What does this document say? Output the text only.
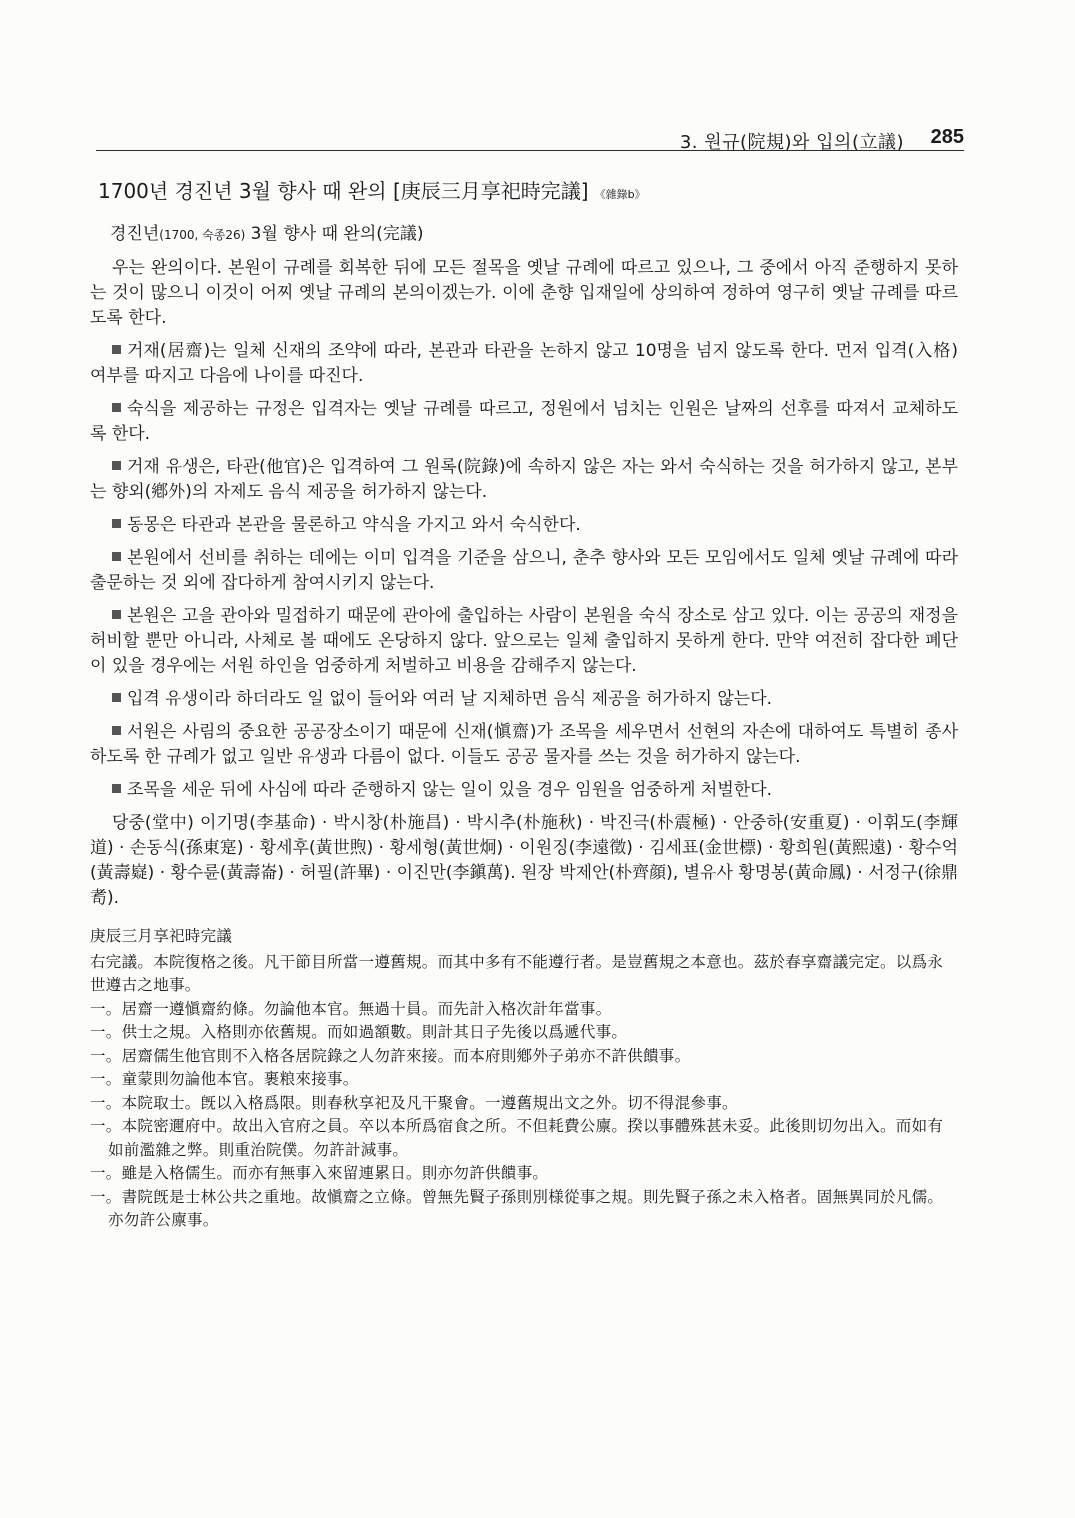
3. 원규(院規)와 입의(立議) 285
1700년 경진년 3월 향사 때 완의 [庚辰三月享祀時完議] 《雜錄b》
경진년(1700, 숙종26) 3월 향사 때 완의(完議)

우는 완의이다. 본원이 규례를 회복한 뒤에 모든 절목을 옛날 규례에 따르고 있으나, 그 중에서 아직 준행하지 못하는 것이 많으니 이것이 어찌 옛날 규례의 본의이겠는가. 이에 춘향 입재일에 상의하여 정하여 영구히 옛날 규례를 따르도록 한다.

거재(居齋)는 일체 신재의 조약에 따라, 본관과 타관을 논하지 않고 10명을 넘지 않도록 한다. 먼저 입격(入格) 여부를 따지고 다음에 나이를 따진다.

숙식을 제공하는 규정은 입격자는 옛날 규례를 따르고, 정원에서 넘치는 인원은 날짜의 선후를 따져서 교체하도록 한다.

거재 유생은, 타관(他官)은 입격하여 그 원록(院錄)에 속하지 않은 자는 와서 숙식하는 것을 허가하지 않고, 본부는 향외(鄕外)의 자제도 음식 제공을 허가하지 않는다.

동몽은 타관과 본관을 물론하고 약식을 가지고 와서 숙식한다.

본원에서 선비를 취하는 데에는 이미 입격을 기준을 삼으니, 춘추 향사와 모든 모임에서도 일체 옛날 규례에 따라 출문하는 것 외에 잡다하게 참여시키지 않는다.

본원은 고을 관아와 밀접하기 때문에 관아에 출입하는 사람이 본원을 숙식 장소로 삼고 있다. 이는 공공의 재정을 허비할 뿐만 아니라, 사체로 볼 때에도 온당하지 않다. 앞으로는 일체 출입하지 못하게 한다. 만약 여전히 잡다한 폐단이 있을 경우에는 서원 하인을 엄중하게 처벌하고 비용을 감해주지 않는다.

입격 유생이라 하더라도 일 없이 들어와 여러 날 지체하면 음식 제공을 허가하지 않는다.

서원은 사림의 중요한 공공장소이기 때문에 신재(愼齋)가 조목을 세우면서 선현의 자손에 대하여도 특별히 종사하도록 한 규례가 없고 일반 유생과 다름이 없다. 이들도 공공 물자를 쓰는 것을 허가하지 않는다.

조목을 세운 뒤에 사심에 따라 준행하지 않는 일이 있을 경우 임원을 엄중하게 처벌한다.

당중(堂中) 이기명(李基命) · 박시창(朴施昌) · 박시추(朴施秋) · 박진극(朴震極) · 안중하(安重夏) · 이휘도(李輝道) · 손동식(孫東寔) · 황세후(黃世煦) · 황세형(黃世炯) · 이원징(李遠徵) · 김세표(金世標) · 황희원(黃熙遠) · 황수억(黃壽嶷) · 황수륜(黃壽崙) · 허필(許畢) · 이진만(李鎭萬). 원장 박제안(朴齊顔), 별유사 황명봉(黃命鳳) · 서정구(徐鼎耉).

庚辰三月享祀時完議

右完議。本院復格之後。凡干節目所當一遵舊規。而其中多有不能遵行者。是豈舊規之本意也。茲於春享齋議完定。以爲永世遵古之地事。

一。居齋一遵愼齋約條。勿論他本官。無過十員。而先計入格次計年當事。

一。供士之規。入格則亦依舊規。而如過額數。則計其日子先後以爲遞代事。

一。居齋儒生他官則不入格各居院錄之人勿許來接。而本府則鄕外子弟亦不許供饋事。

一。童蒙則勿論他本官。裹粮來接事。

一。本院取士。旣以入格爲限。則春秋享祀及凡干聚會。一遵舊規出文之外。切不得混參事。

一。本院密邇府中。故出入官府之員。卒以本所爲宿食之所。不但耗費公廪。揆以事體殊甚未妥。此後則切勿出入。而如有如前濫雜之弊。則重治院僕。勿許計減事。

一。雖是入格儒生。而亦有無事入來留連累日。則亦勿許供饋事。

一。書院旣是士林公共之重地。故愼齋之立條。曾無先賢子孫則別様從事之規。則先賢子孫之未入格者。固無異同於凡儒。亦勿許公廪事。
